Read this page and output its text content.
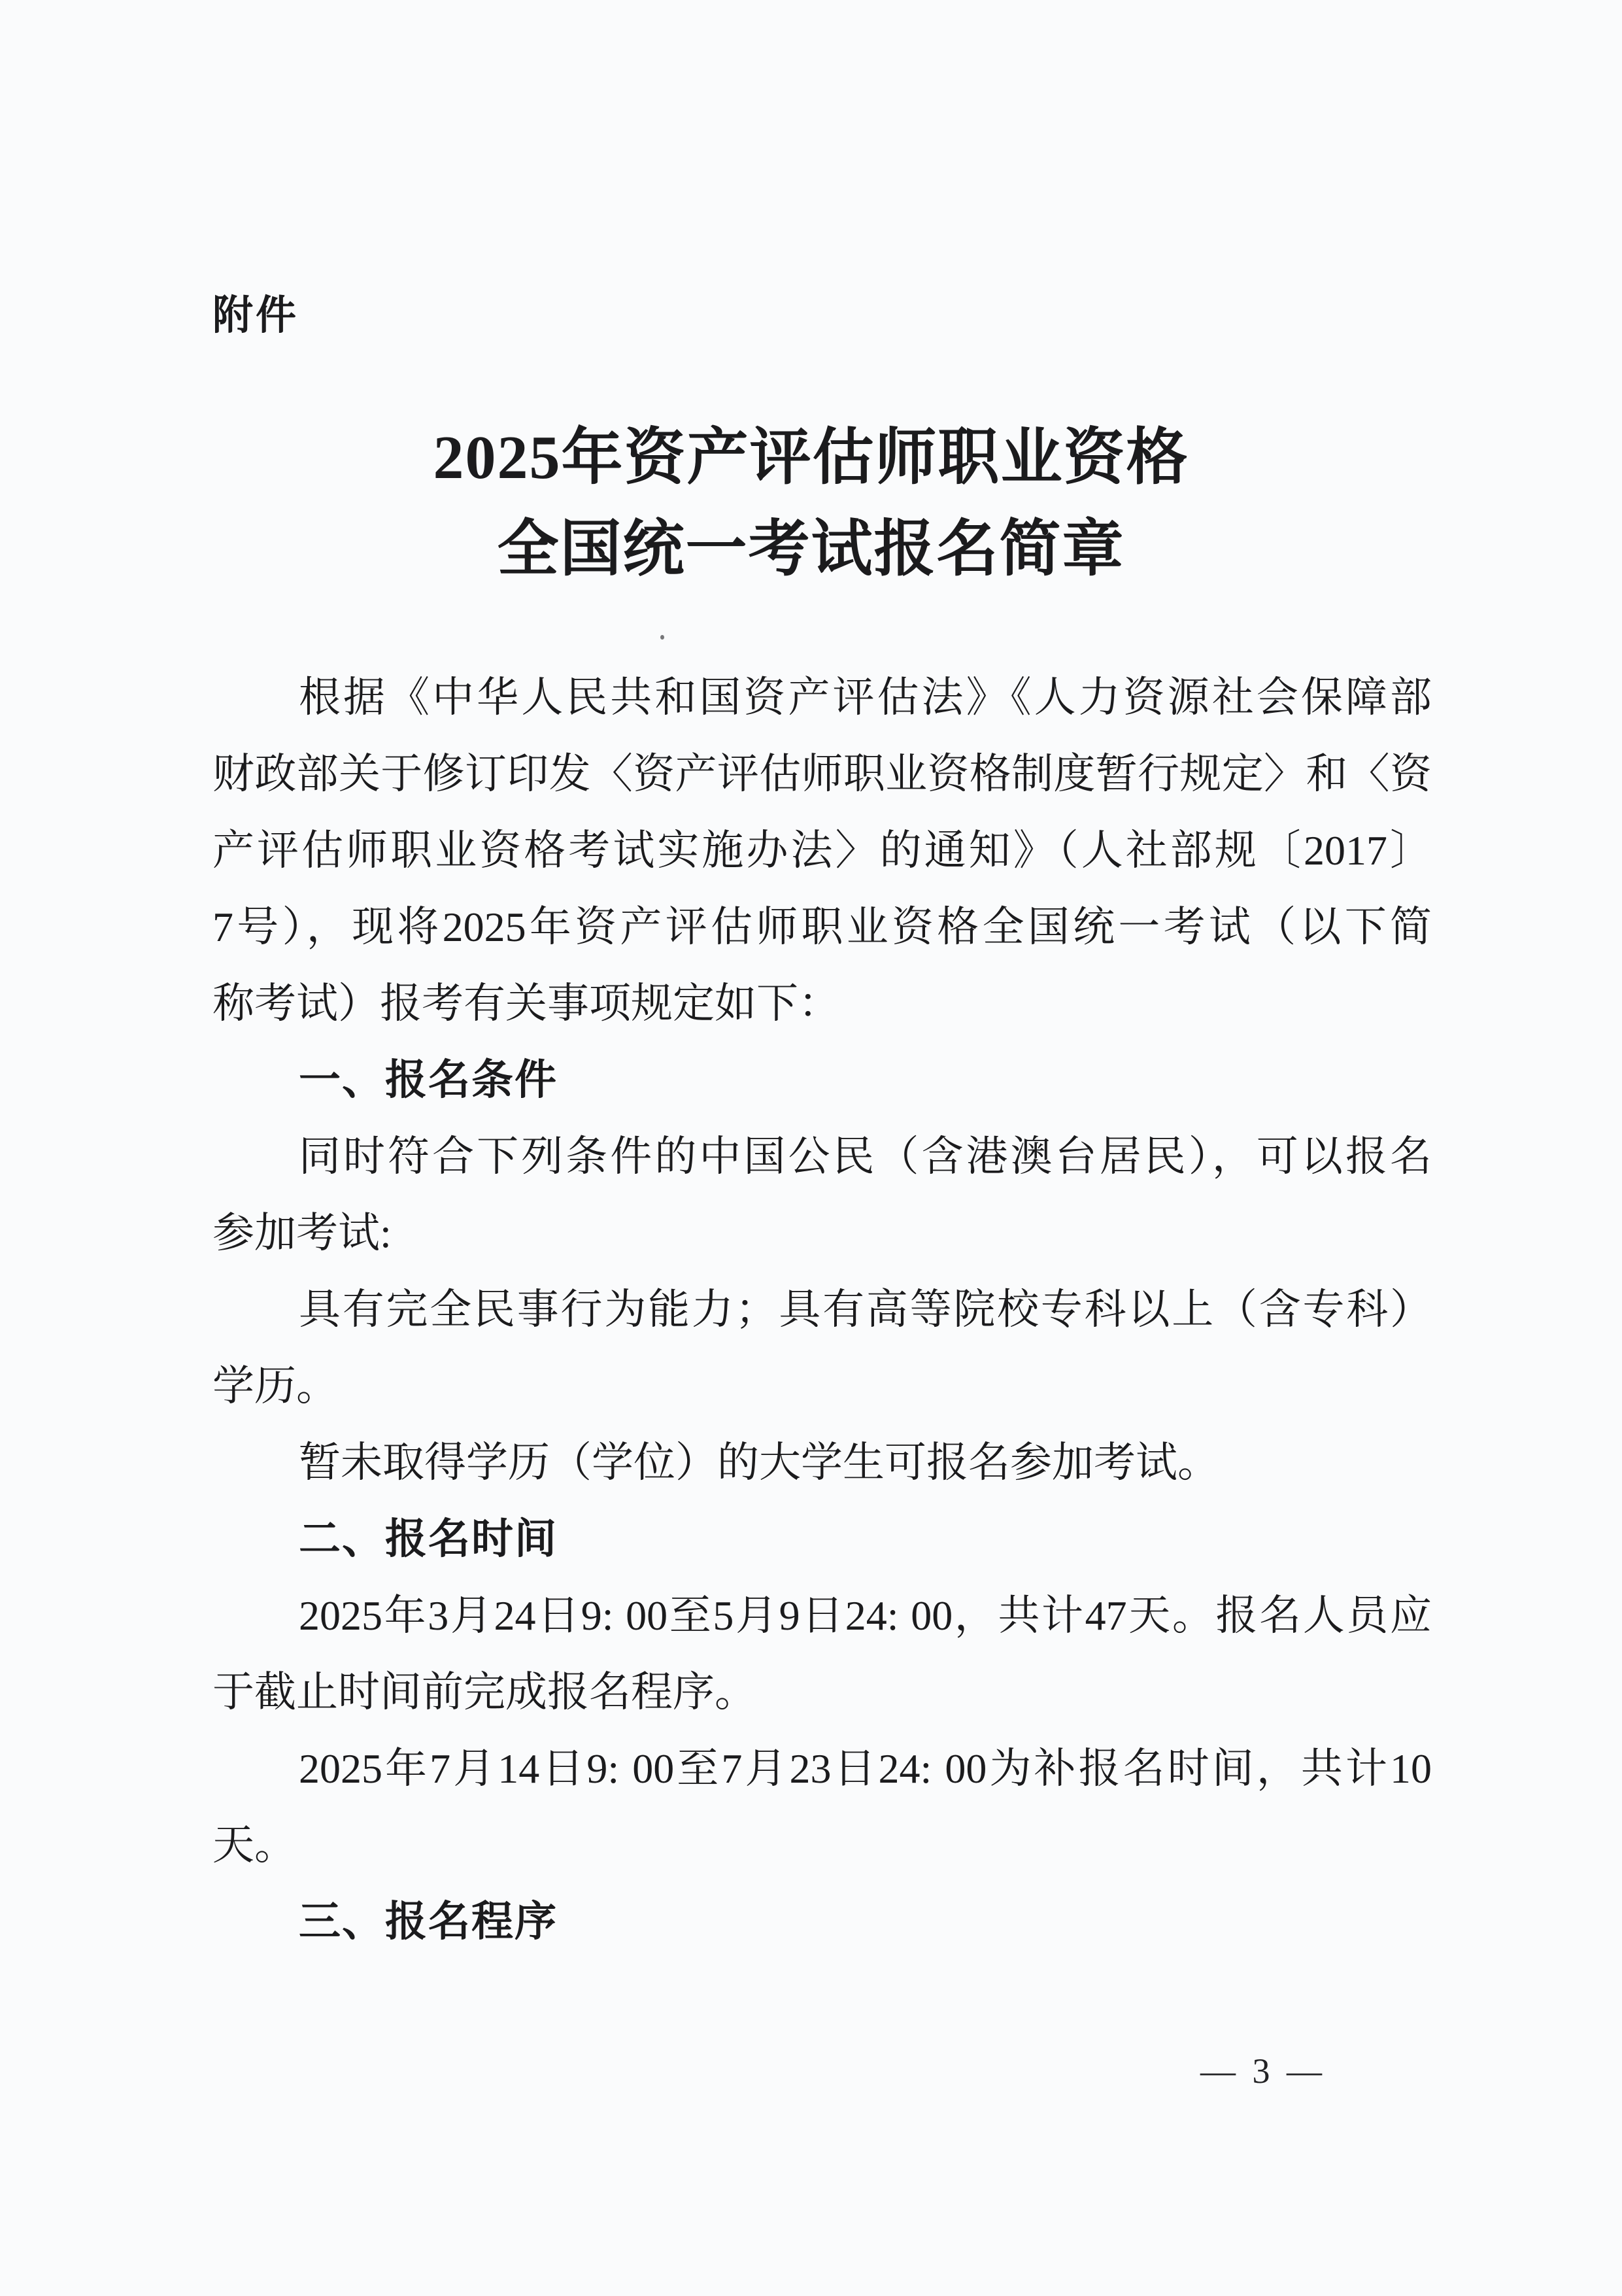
附件
2025年资产评估师职业资格
全国统一考试报名简章
根据《中华人民共和国资产评估法》《人力资源社会保障部
财政部关于修订印发〈资产评估师职业资格制度暂行规定〉和〈资
产评估师职业资格考试实施办法〉的通知》（人社部规〔2017〕
7号），现将2025年资产评估师职业资格全国统一考试（以下简
称考试）报考有关事项规定如下：
一、报名条件
同时符合下列条件的中国公民（含港澳台居民），可以报名
参加考试:
具有完全民事行为能力；具有高等院校专科以上（含专科）
学历。
暂未取得学历（学位）的大学生可报名参加考试。
二、报名时间
2025年3月24日9: 00至5月9日24: 00，共计47天。报名人员应
于截止时间前完成报名程序。
2025年7月14日9: 00至7月23日24: 00为补报名时间，共计10
天。
三、报名程序
— 3 —
